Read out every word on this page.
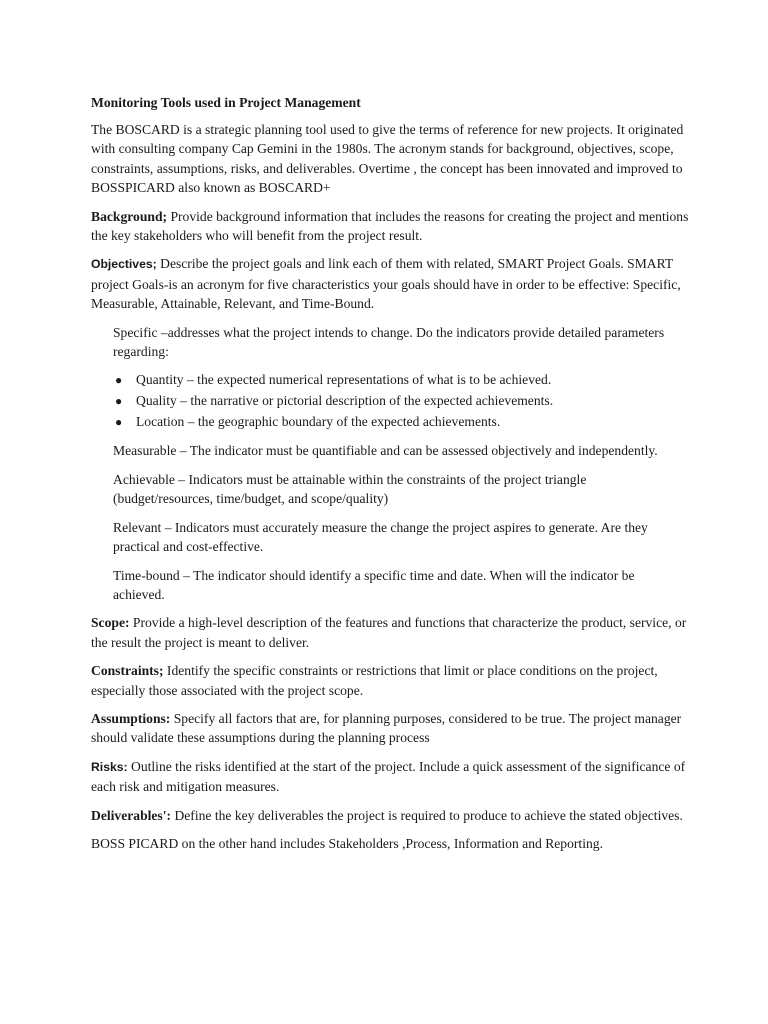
Monitoring Tools used in Project Management

The BOSCARD is a strategic planning tool used to give the terms of reference for new projects. It originated with consulting company Cap Gemini in the 1980s. The acronym stands for background, objectives, scope, constraints, assumptions, risks, and deliverables. Overtime , the concept has been innovated and improved to BOSSPICARD also known as BOSCARD+

Background; Provide background information that includes the reasons for creating the project and mentions the key stakeholders who will benefit from the project result.

Objectives; Describe the project goals and link each of them with related, SMART Project Goals. SMART project Goals-is an acronym for five characteristics your goals should have in order to be effective: Specific, Measurable, Attainable, Relevant, and Time-Bound.

Specific –addresses what the project intends to change. Do the indicators provide detailed parameters regarding:

● Quantity – the expected numerical representations of what is to be achieved.
● Quality – the narrative or pictorial description of the expected achievements.
● Location – the geographic boundary of the expected achievements.

Measurable – The indicator must be quantifiable and can be assessed objectively and independently.

Achievable – Indicators must be attainable within the constraints of the project triangle (budget/resources, time/budget, and scope/quality)

Relevant – Indicators must accurately measure the change the project aspires to generate. Are they practical and cost-effective.

Time-bound – The indicator should identify a specific time and date. When will the indicator be achieved.

Scope: Provide a high-level description of the features and functions that characterize the product, service, or the result the project is meant to deliver.

Constraints; Identify the specific constraints or restrictions that limit or place conditions on the project, especially those associated with the project scope.

Assumptions: Specify all factors that are, for planning purposes, considered to be true. The project manager should validate these assumptions during the planning process

Risks: Outline the risks identified at the start of the project. Include a quick assessment of the significance of each risk and mitigation measures.

Deliverables': Define the key deliverables the project is required to produce to achieve the stated objectives.

BOSS PICARD on the other hand includes Stakeholders ,Process, Information and Reporting.
